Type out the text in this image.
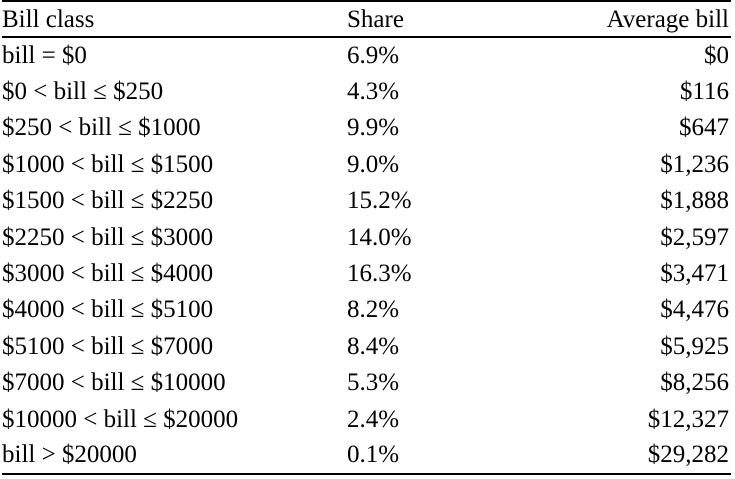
Bill class	Share	Average bill
bill = $0	6.9%	$0
$0 < bill ≤ $250	4.3%	$116
$250 < bill ≤ $1000	9.9%	$647
$1000 < bill ≤ $1500	9.0%	$1,236
$1500 < bill ≤ $2250	15.2%	$1,888
$2250 < bill ≤ $3000	14.0%	$2,597
$3000 < bill ≤ $4000	16.3%	$3,471
$4000 < bill ≤ $5100	8.2%	$4,476
$5100 < bill ≤ $7000	8.4%	$5,925
$7000 < bill ≤ $10000	5.3%	$8,256
$10000 < bill ≤ $20000	2.4%	$12,327
bill > $20000	0.1%	$29,282
